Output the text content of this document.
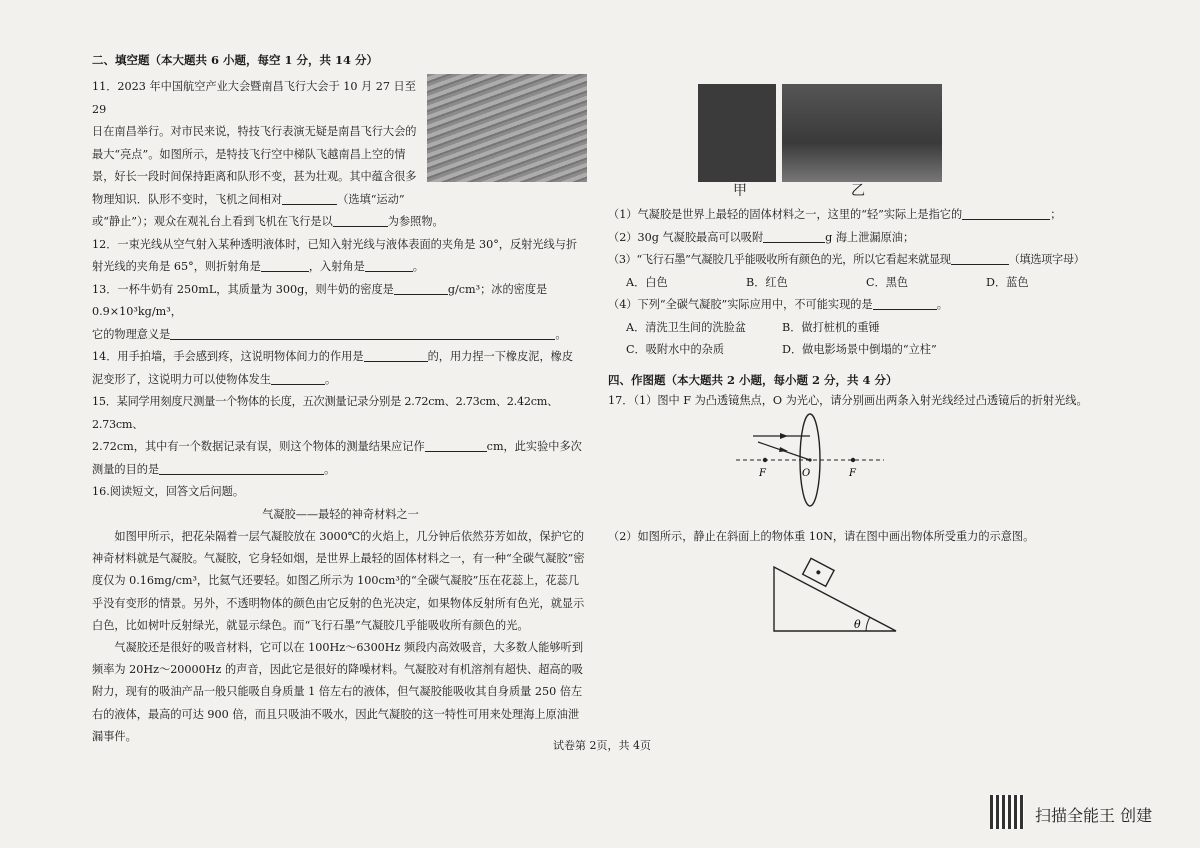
二、填空题（本大题共 6 小题，每空 1 分，共 14 分）

11．2023 年中国航空产业大会暨南昌飞行大会于 10 月 27 日至 29

日在南昌举行。对市民来说，特技飞行表演无疑是南昌飞行大会的

最大“亮点”。如图所示，是特技飞行空中梯队飞越南昌上空的情

景，好长一段时间保持距离和队形不变，甚为壮观。其中蕴含很多

物理知识．队形不变时，飞机之间相对	（选填“运动”

或“静止”）；观众在观礼台上看到飞机在飞行是以	为参照物。

12．一束光线从空气射入某种透明液体时，已知入射光线与液体表面的夹角是 30°，反射光线与折

射光线的夹角是 65°，则折射角是	，入射角是	。

13．一杯牛奶有 250mL，其质量为 300g，则牛奶的密度是	g/cm³；冰的密度是 0.9×10³kg/m³，

它的物理意义是	。

14．用手拍墙，手会感到疼，这说明物体间力的作用是	的，用力捏一下橡皮泥，橡皮

泥变形了，这说明力可以使物体发生	。

15．某同学用刻度尺测量一个物体的长度，五次测量记录分别是 2.72cm、2.73cm、2.42cm、2.73cm、

2.72cm，其中有一个数据记录有误，则这个物体的测量结果应记作	cm，此实验中多次

测量的目的是	。

16.阅读短文，回答文后问题。

气凝胶——最轻的神奇材料之一

如图甲所示，把花朵隔着一层气凝胶放在 3000℃的火焰上，几分钟后依然芬芳如故，保护它的神奇材料就是气凝胶。气凝胶，它身轻如烟，是世界上最轻的固体材料之一，有一种“全碳气凝胶”密度仅为 0.16mg/cm³，比氦气还要轻。如图乙所示为 100cm³的“全碳气凝胶”压在花蕊上，花蕊几乎没有变形的情景。另外，不透明物体的颜色由它反射的色光决定，如果物体反射所有色光，就显示白色，比如树叶反射绿光，就显示绿色。而“飞行石墨”气凝胶几乎能吸收所有颜色的光。

气凝胶还是很好的吸音材料，它可以在 100Hz～6300Hz 频段内高效吸音，大多数人能够听到频率为 20Hz～20000Hz 的声音，因此它是很好的降噪材料。气凝胶对有机溶剂有超快、超高的吸附力，现有的吸油产品一般只能吸自身质量 1 倍左右的液体，但气凝胶能吸收其自身质量 250 倍左右的液体，最高的可达 900 倍，而且只吸油不吸水，因此气凝胶的这一特性可用来处理海上原油泄漏事件。

甲	乙

（1）气凝胶是世界上最轻的固体材料之一，这里的“轻”实际上是指它的	；

（2）30g 气凝胶最高可以吸附	g 海上泄漏原油；

（3）“飞行石墨”气凝胶几乎能吸收所有颜色的光，所以它看起来就显现	（填选项字母）

A．白色	B．红色	C．黑色	D．蓝色

（4）下列“全碳气凝胶”实际应用中，不可能实现的是	。

A．清洗卫生间的洗脸盆	B．做打桩机的重锤
C．吸附水中的杂质	D．做电影场景中倒塌的“立柱”
四、作图题（本大题共 2 小题，每小题 2 分，共 4 分）

17．（1）图中 F 为凸透镜焦点，O 为光心，请分别画出两条入射光线经过凸透镜后的折射光线。

F	O	F

（2）如图所示，静止在斜面上的物体重 10N，请在图中画出物体所受重力的示意图。

θ
试卷第 2页，共 4页
扫描全能王 创建
